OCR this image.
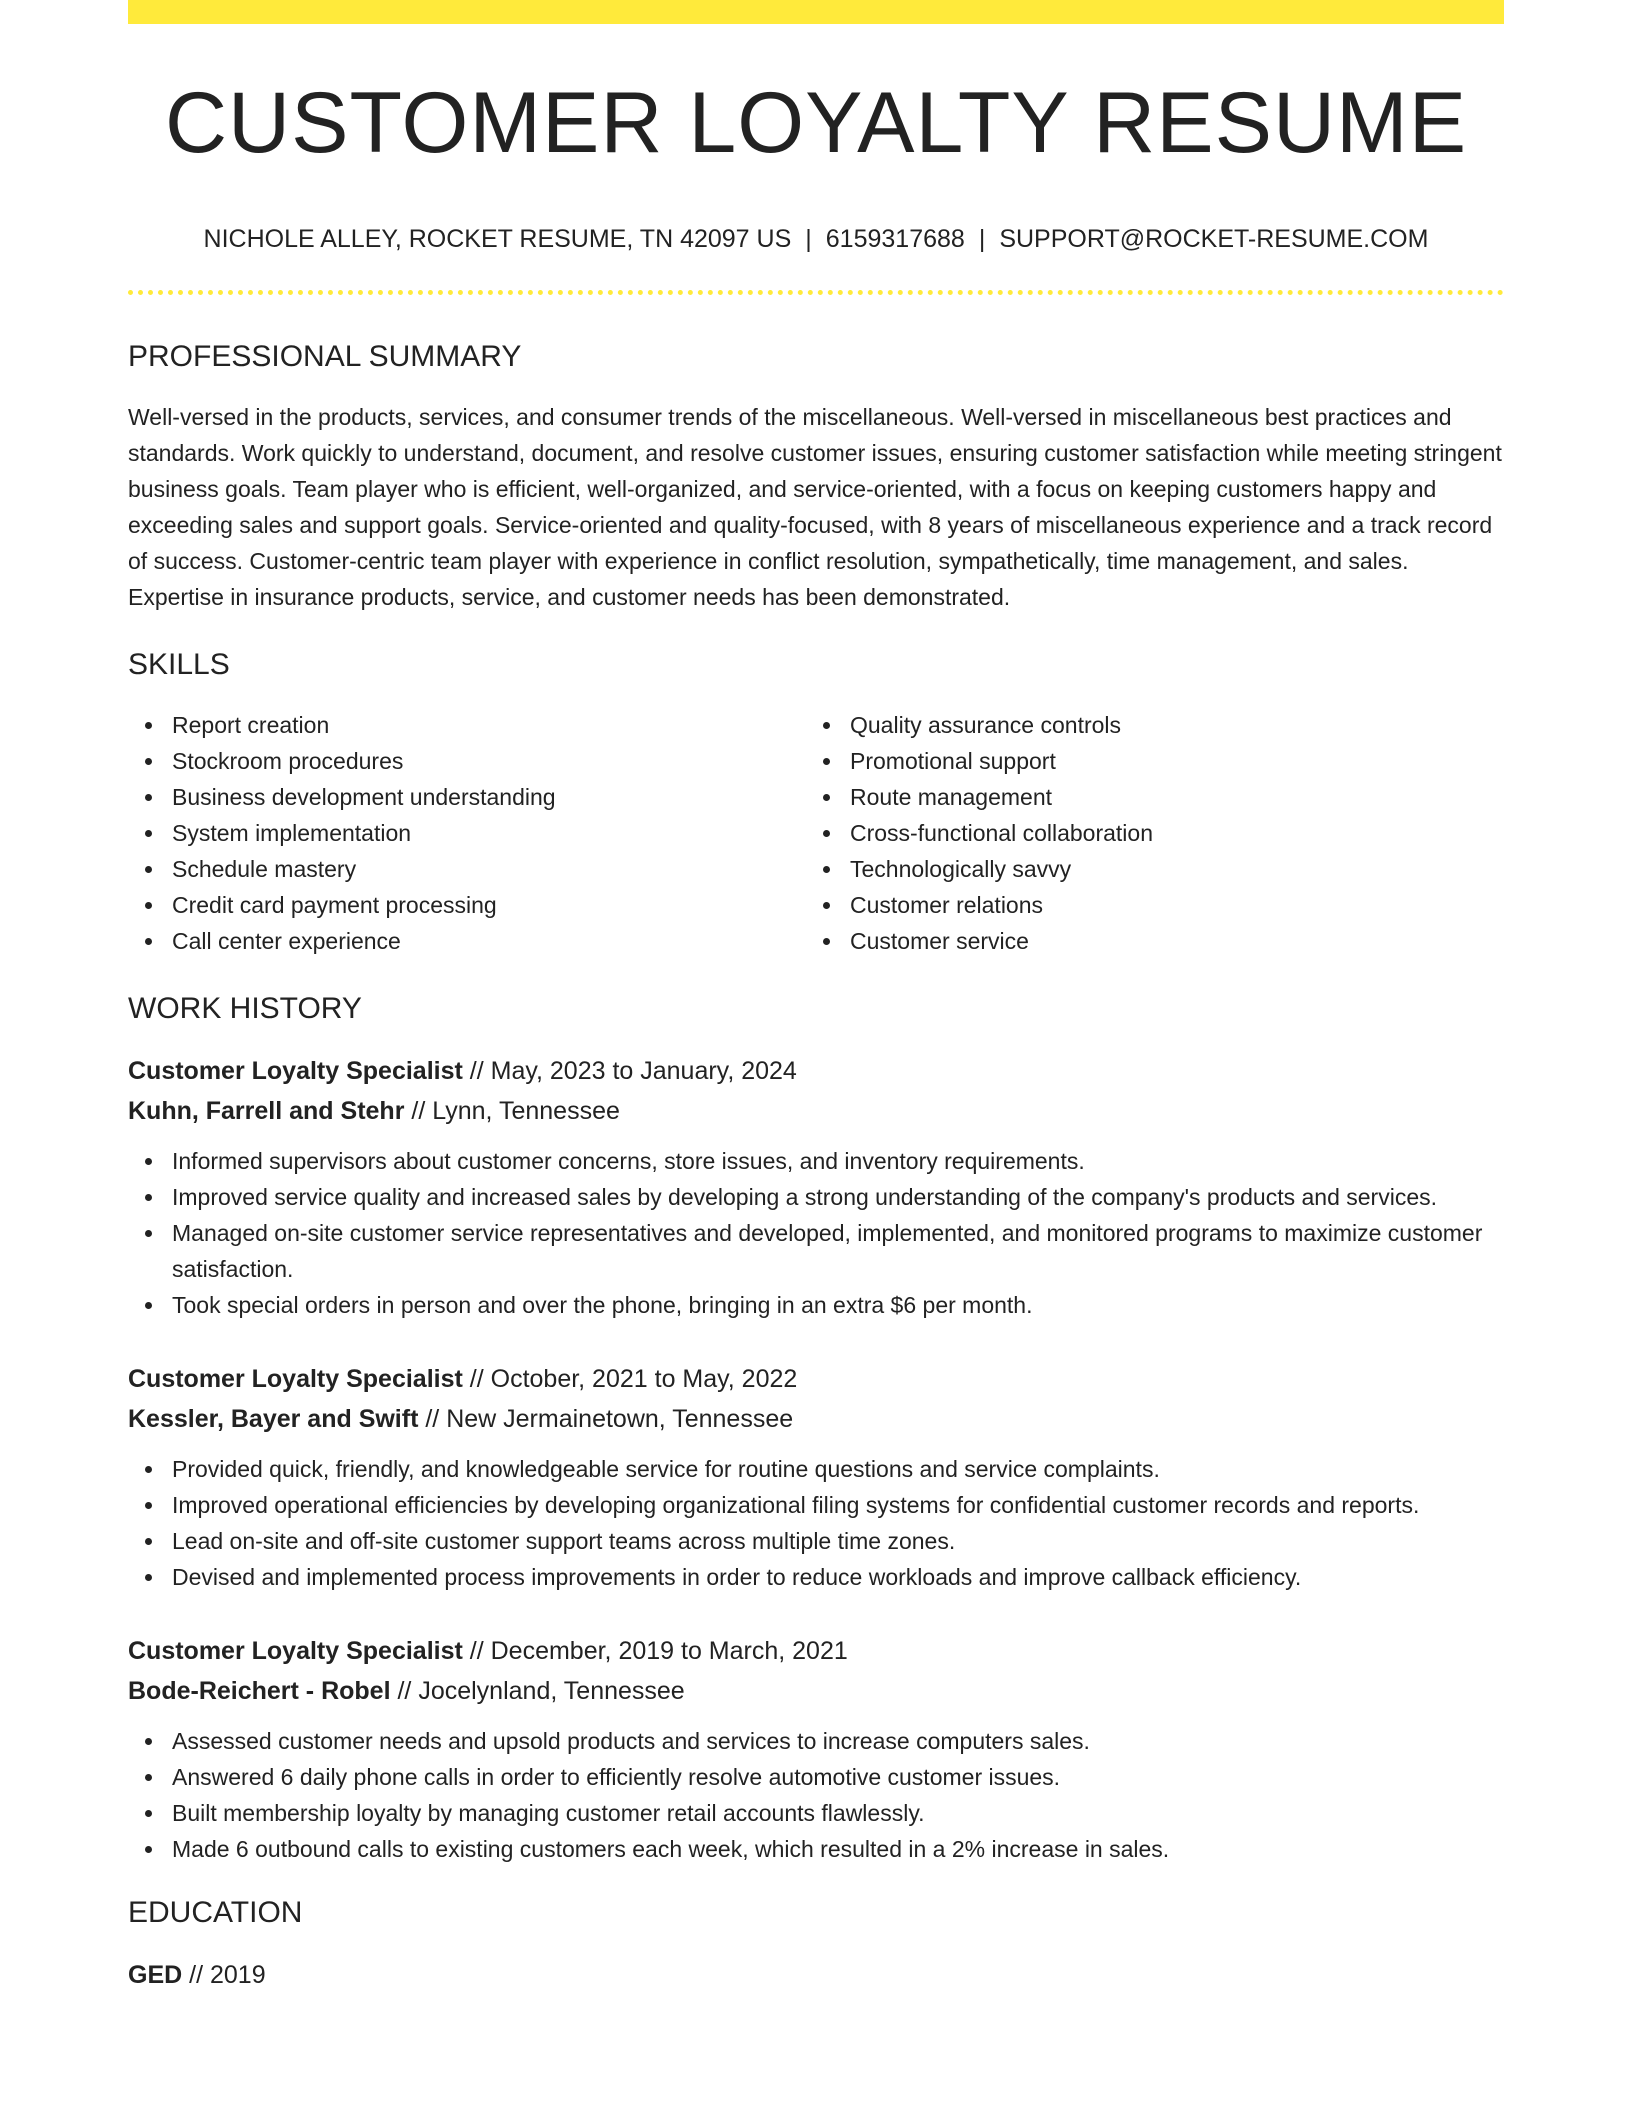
CUSTOMER LOYALTY RESUME
NICHOLE ALLEY, ROCKET RESUME, TN 42097 US | 6159317688 | SUPPORT@ROCKET-RESUME.COM
PROFESSIONAL SUMMARY

Well-versed in the products, services, and consumer trends of the miscellaneous. Well-versed in miscellaneous best practices and standards. Work quickly to understand, document, and resolve customer issues, ensuring customer satisfaction while meeting stringent business goals. Team player who is efficient, well-organized, and service-oriented, with a focus on keeping customers happy and exceeding sales and support goals. Service-oriented and quality-focused, with 8 years of miscellaneous experience and a track record of success. Customer-centric team player with experience in conflict resolution, sympathetically, time management, and sales. Expertise in insurance products, service, and customer needs has been demonstrated.

SKILLS
Report creation
Stockroom procedures
Business development understanding
System implementation
Schedule mastery
Credit card payment processing
Call center experience
Quality assurance controls
Promotional support
Route management
Cross-functional collaboration
Technologically savvy
Customer relations
Customer service
WORK HISTORY
Customer Loyalty Specialist // May, 2023 to January, 2024
Kuhn, Farrell and Stehr // Lynn, Tennessee
Informed supervisors about customer concerns, store issues, and inventory requirements.
Improved service quality and increased sales by developing a strong understanding of the company's products and services.
Managed on-site customer service representatives and developed, implemented, and monitored programs to maximize customer satisfaction.
Took special orders in person and over the phone, bringing in an extra $6 per month.
Customer Loyalty Specialist // October, 2021 to May, 2022
Kessler, Bayer and Swift // New Jermainetown, Tennessee
Provided quick, friendly, and knowledgeable service for routine questions and service complaints.
Improved operational efficiencies by developing organizational filing systems for confidential customer records and reports.
Lead on-site and off-site customer support teams across multiple time zones.
Devised and implemented process improvements in order to reduce workloads and improve callback efficiency.
Customer Loyalty Specialist // December, 2019 to March, 2021
Bode-Reichert - Robel // Jocelynland, Tennessee
Assessed customer needs and upsold products and services to increase computers sales.
Answered 6 daily phone calls in order to efficiently resolve automotive customer issues.
Built membership loyalty by managing customer retail accounts flawlessly.
Made 6 outbound calls to existing customers each week, which resulted in a 2% increase in sales.
EDUCATION
GED // 2019
